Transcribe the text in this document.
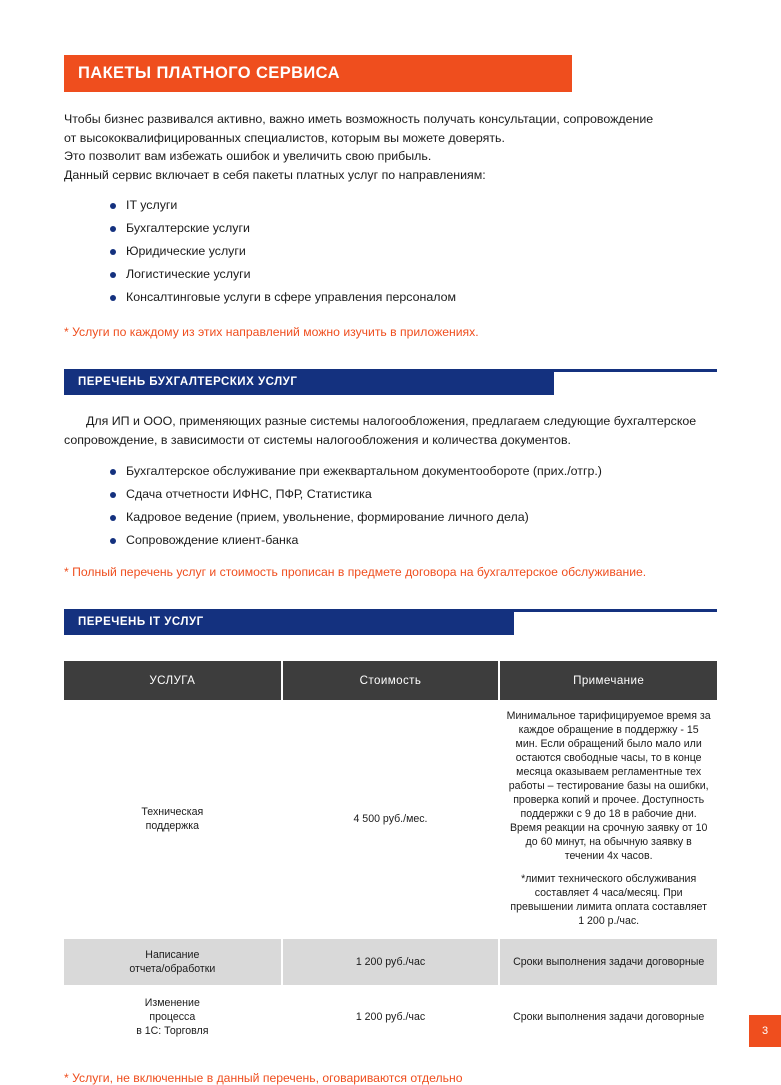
ПАКЕТЫ ПЛАТНОГО СЕРВИСА
Чтобы бизнес развивался активно, важно иметь возможность получать консультации, сопровождение
от высококвалифицированных специалистов, которым вы можете доверять.
Это позволит вам избежать ошибок и увеличить свою прибыль.
Данный сервис включает в себя пакеты платных услуг по направлениям:
IT услуги
Бухгалтерские услуги
Юридические услуги
Логистические услуги
Консалтинговые услуги в сфере управления персоналом
* Услуги по каждому из этих направлений можно изучить в приложениях.
ПЕРЕЧЕНЬ БУХГАЛТЕРСКИХ УСЛУГ
Для ИП и ООО, применяющих разные системы налогообложения, предлагаем следующие бухгалтерское
сопровождение, в зависимости от системы налогообложения и количества документов.
Бухгалтерское обслуживание при ежеквартальном документообороте (прих./отгр.)
Сдача отчетности ИФНС, ПФР, Статистика
Кадровое ведение (прием, увольнение, формирование личного дела)
Сопровождение клиент-банка
* Полный перечень услуг и стоимость прописан в предмете договора на бухгалтерское обслуживание.
ПЕРЕЧЕНЬ IT УСЛУГ
УСЛУГА	Стоимость	Примечание
Техническая
поддержка	4 500 руб./мес.	Минимальное тарифицируемое время за каждое обращение в поддержку - 15 мин. Если обращений было мало или остаются свободные часы, то в конце месяца оказываем регламентные тех работы – тестирование базы на ошибки, проверка копий и прочее. Доступность поддержки с 9 до 18 в рабочие дни. Время реакции на срочную заявку от 10 до 60 минут, на обычную заявку в течении 4х часов.
*лимит технического обслуживания составляет 4 часа/месяц. При превышении лимита оплата составляет 1 200 р./час.

Написание
отчета/обработки	1 200 руб./час	Сроки выполнения задачи договорные
Изменение
процесса
в 1С: Торговля	1 200 руб./час	Сроки выполнения задачи договорные
* Услуги, не включенные в данный перечень, оговариваются отдельно
3
